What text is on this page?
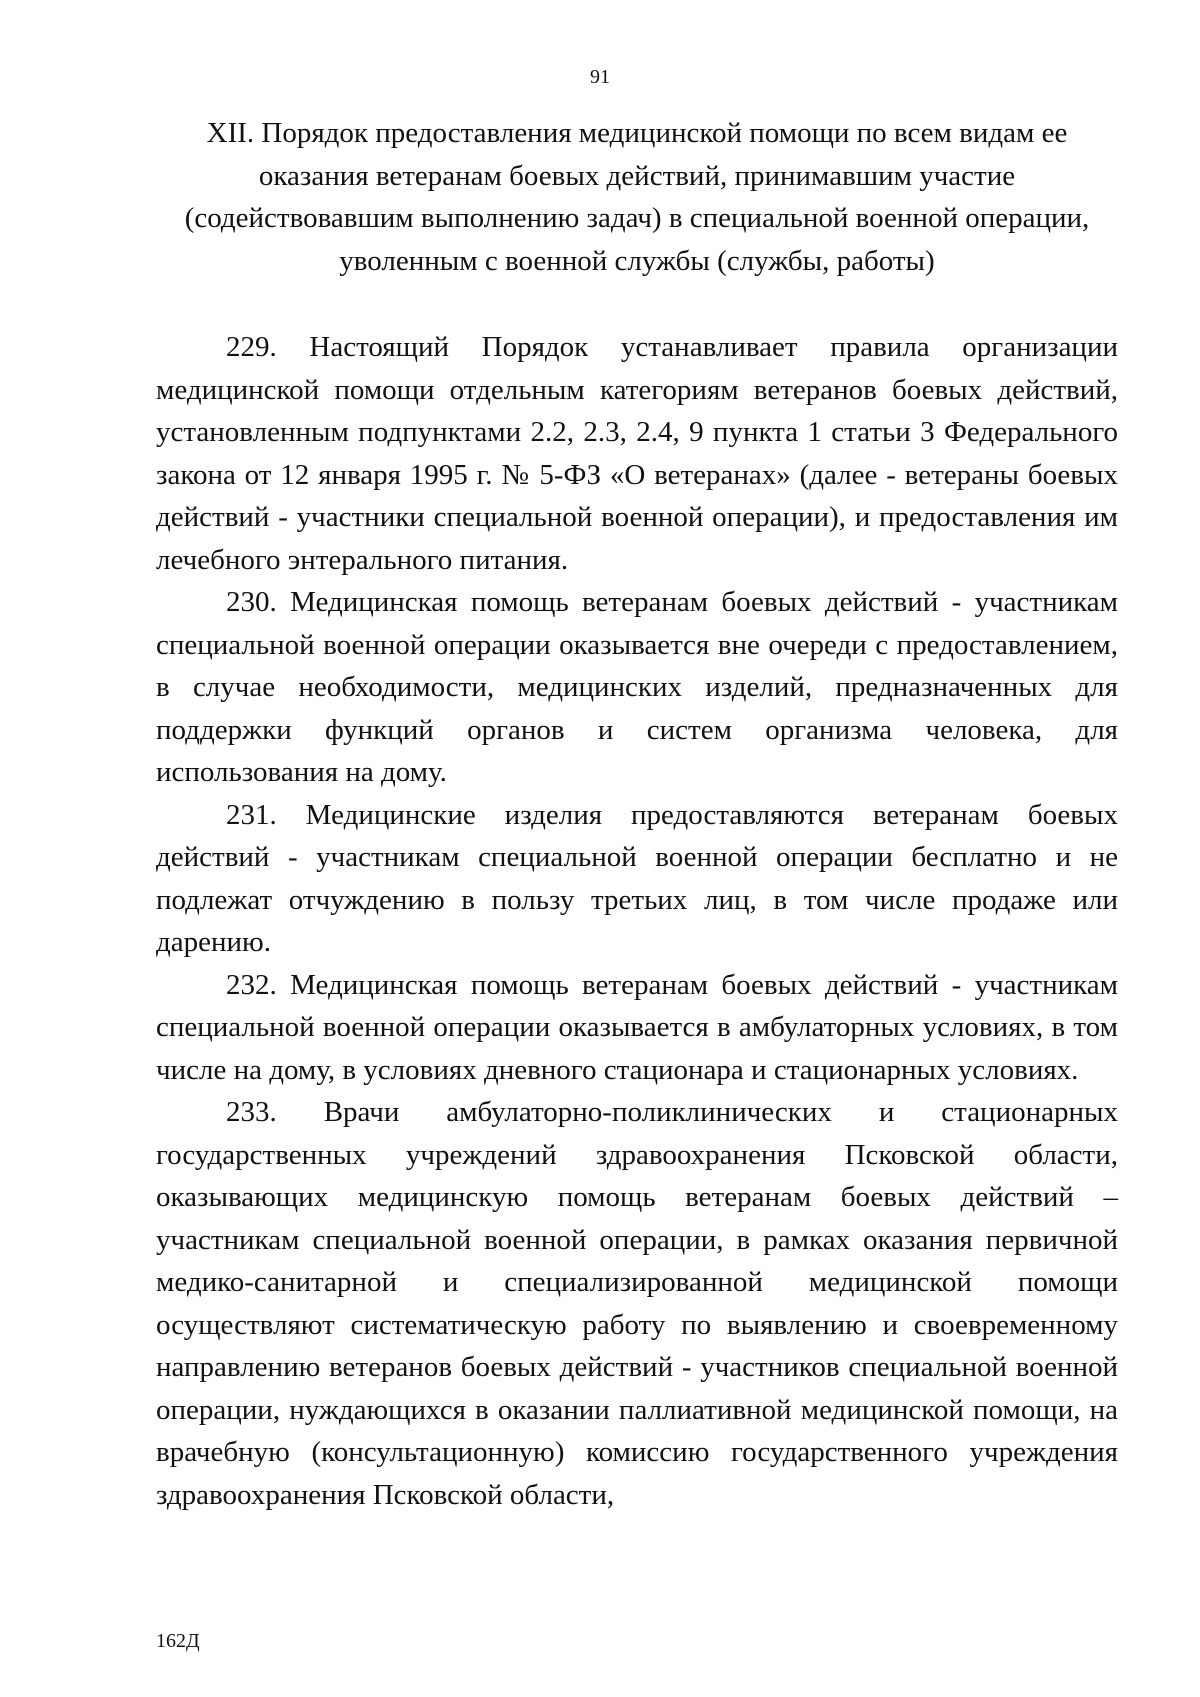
91
XII. Порядок предоставления медицинской помощи по всем видам ее оказания ветеранам боевых действий, принимавшим участие (содействовавшим выполнению задач) в специальной военной операции, уволенным с военной службы (службы, работы)

229. Настоящий Порядок устанавливает правила организации медицинской помощи отдельным категориям ветеранов боевых действий, установленным подпунктами 2.2, 2.3, 2.4, 9 пункта 1 статьи 3 Федерального закона от 12 января 1995 г. № 5-ФЗ «О ветеранах» (далее - ветераны боевых действий - участники специальной военной операции), и предоставления им лечебного энтерального питания.

230. Медицинская помощь ветеранам боевых действий - участникам специальной военной операции оказывается вне очереди с предоставлением, в случае необходимости, медицинских изделий, предназначенных для поддержки функций органов и систем организма человека, для использования на дому.

231. Медицинские изделия предоставляются ветеранам боевых действий - участникам специальной военной операции бесплатно и не подлежат отчуждению в пользу третьих лиц, в том числе продаже или дарению.

232. Медицинская помощь ветеранам боевых действий - участникам специальной военной операции оказывается в амбулаторных условиях, в том числе на дому, в условиях дневного стационара и стационарных условиях.

233. Врачи амбулаторно-поликлинических и стационарных государственных учреждений здравоохранения Псковской области, оказывающих медицинскую помощь ветеранам боевых действий – участникам специальной военной операции, в рамках оказания первичной медико-санитарной и специализированной медицинской помощи осуществляют систематическую работу по выявлению и своевременному направлению ветеранов боевых действий - участников специальной военной операции, нуждающихся в оказании паллиативной медицинской помощи, на врачебную (консультационную) комиссию государственного учреждения здравоохранения Псковской области,

162Д
